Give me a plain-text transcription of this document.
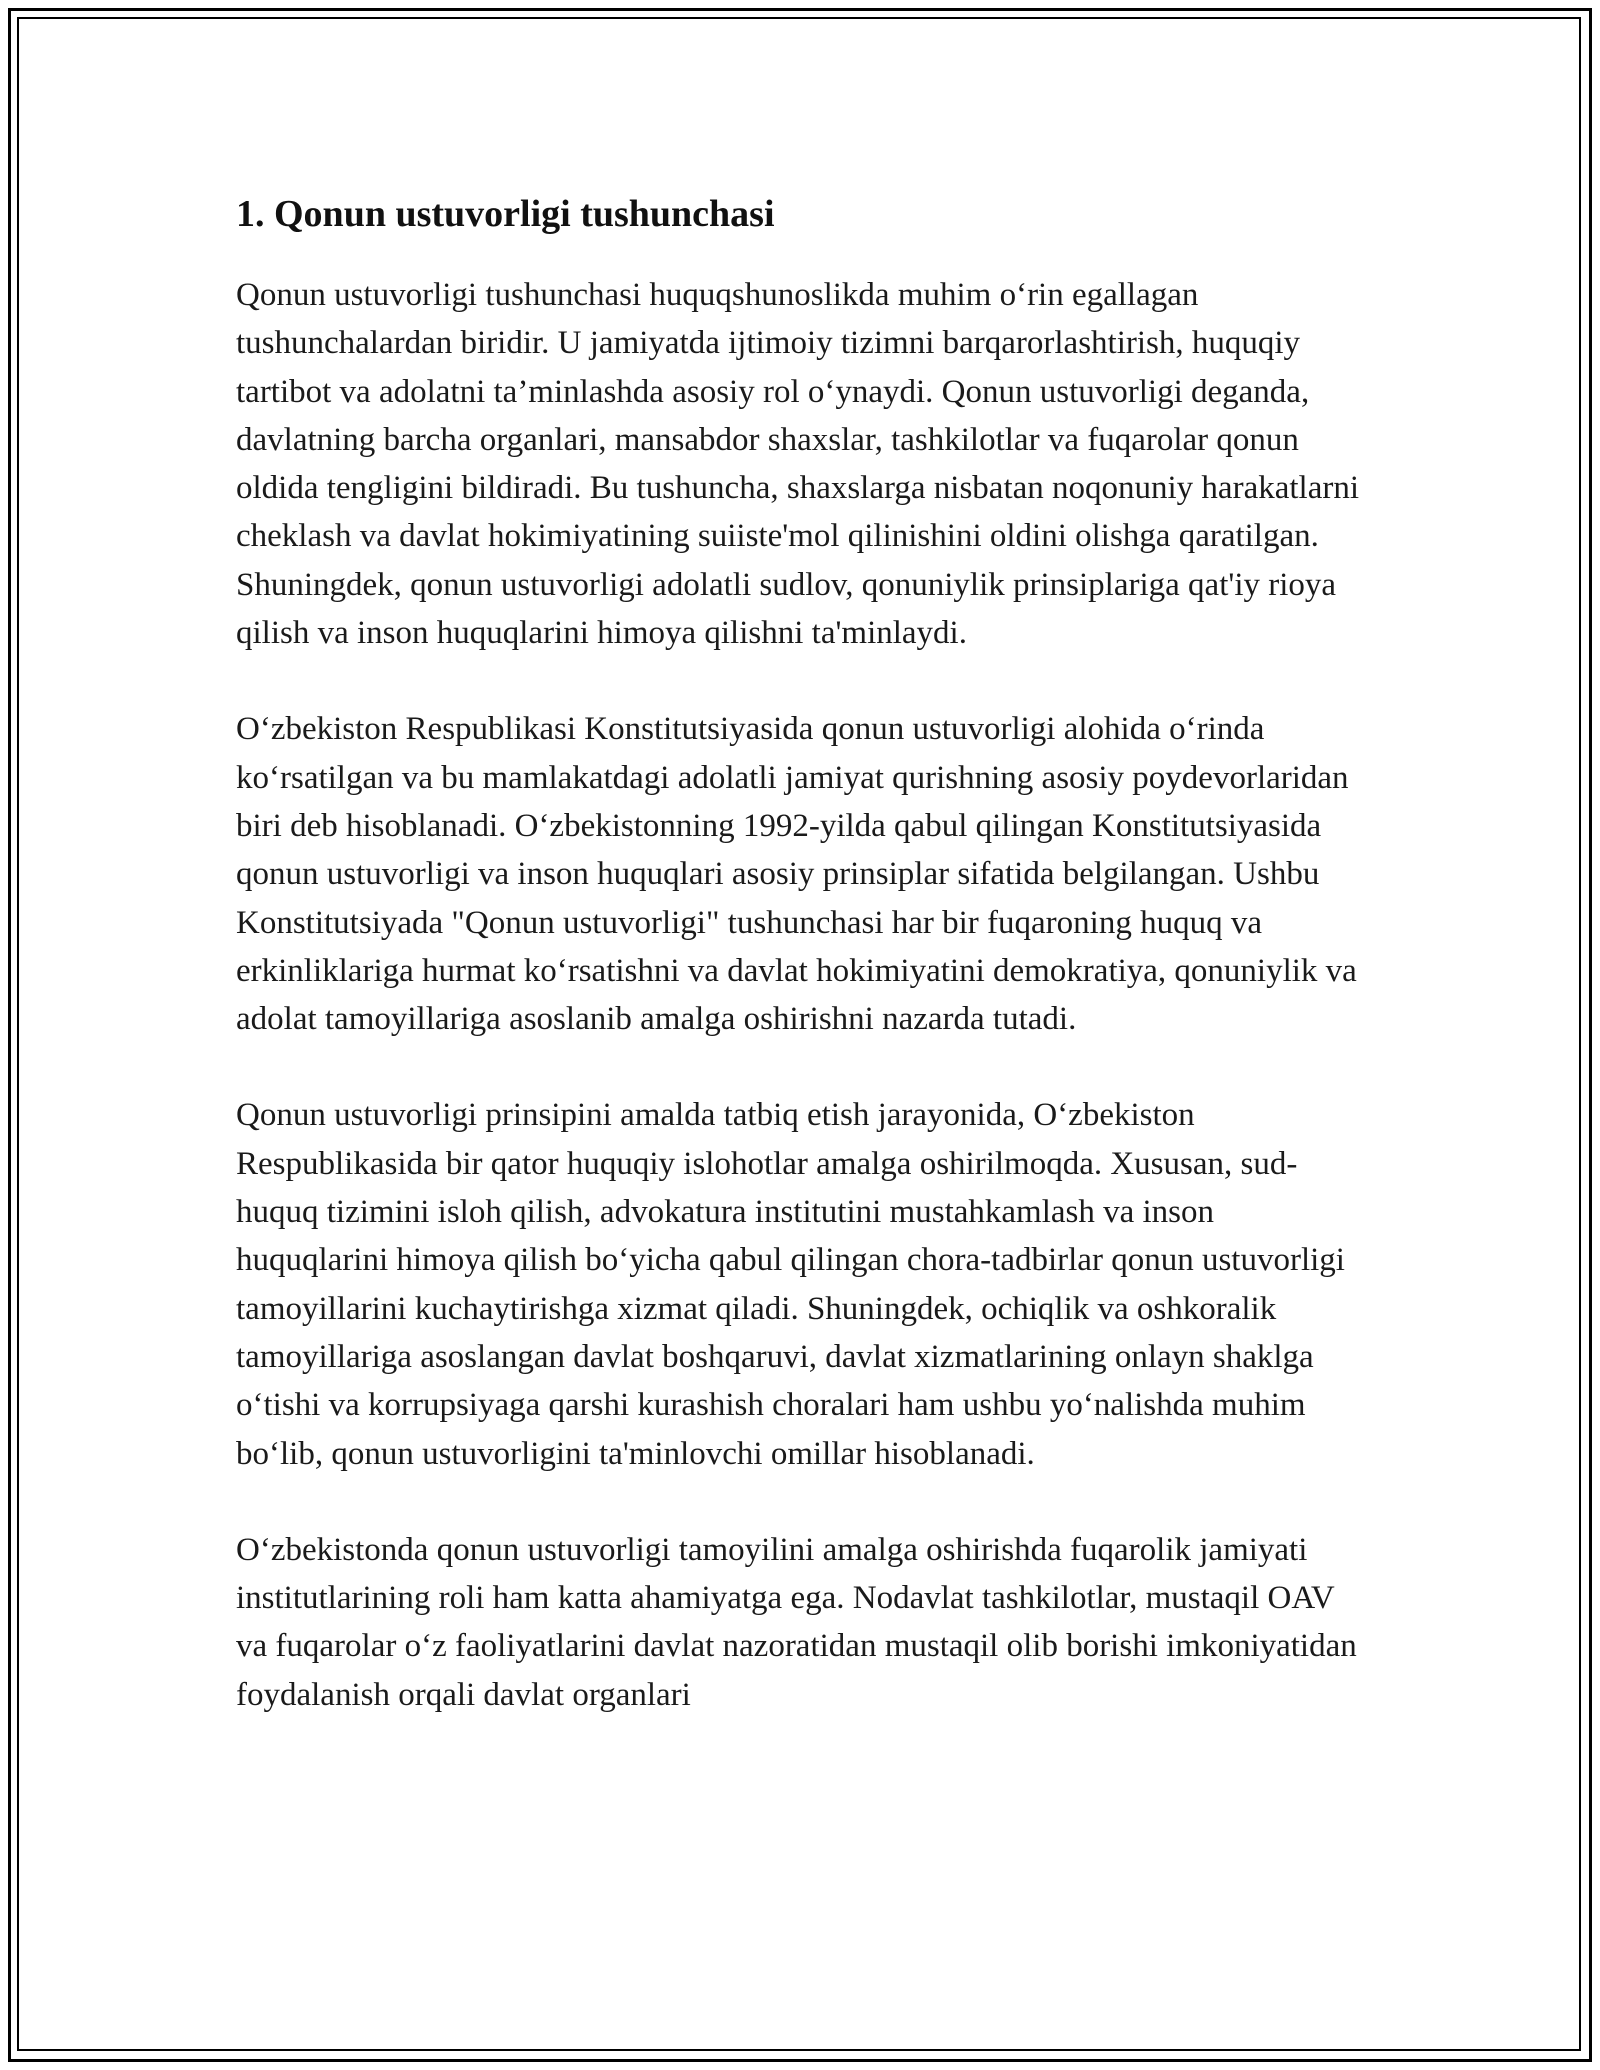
1. Qonun ustuvorligi tushunchasi

Qonun ustuvorligi tushunchasi huquqshunoslikda muhim o‘rin egallagan tushunchalardan biridir. U jamiyatda ijtimoiy tizimni barqarorlashtirish, huquqiy tartibot va adolatni ta’minlashda asosiy rol o‘ynaydi. Qonun ustuvorligi deganda, davlatning barcha organlari, mansabdor shaxslar, tashkilotlar va fuqarolar qonun oldida tengligini bildiradi. Bu tushuncha, shaxslarga nisbatan noqonuniy harakatlarni cheklash va davlat hokimiyatining suiiste'mol qilinishini oldini olishga qaratilgan. Shuningdek, qonun ustuvorligi adolatli sudlov, qonuniylik prinsiplariga qat'iy rioya qilish va inson huquqlarini himoya qilishni ta'minlaydi.

O‘zbekiston Respublikasi Konstitutsiyasida qonun ustuvorligi alohida o‘rinda ko‘rsatilgan va bu mamlakatdagi adolatli jamiyat qurishning asosiy poydevorlaridan biri deb hisoblanadi. O‘zbekistonning 1992-yilda qabul qilingan Konstitutsiyasida qonun ustuvorligi va inson huquqlari asosiy prinsiplar sifatida belgilangan. Ushbu Konstitutsiyada "Qonun ustuvorligi" tushunchasi har bir fuqaroning huquq va erkinliklariga hurmat ko‘rsatishni va davlat hokimiyatini demokratiya, qonuniylik va adolat tamoyillariga asoslanib amalga oshirishni nazarda tutadi.

Qonun ustuvorligi prinsipini amalda tatbiq etish jarayonida, O‘zbekiston Respublikasida bir qator huquqiy islohotlar amalga oshirilmoqda. Xususan, sud-huquq tizimini isloh qilish, advokatura institutini mustahkamlash va inson huquqlarini himoya qilish bo‘yicha qabul qilingan chora-tadbirlar qonun ustuvorligi tamoyillarini kuchaytirishga xizmat qiladi. Shuningdek, ochiqlik va oshkoralik tamoyillariga asoslangan davlat boshqaruvi, davlat xizmatlarining onlayn shaklga o‘tishi va korrupsiyaga qarshi kurashish choralari ham ushbu yo‘nalishda muhim bo‘lib, qonun ustuvorligini ta'minlovchi omillar hisoblanadi.

O‘zbekistonda qonun ustuvorligi tamoyilini amalga oshirishda fuqarolik jamiyati institutlarining roli ham katta ahamiyatga ega. Nodavlat tashkilotlar, mustaqil OAV va fuqarolar o‘z faoliyatlarini davlat nazoratidan mustaqil olib borishi imkoniyatidan foydalanish orqali davlat organlari
